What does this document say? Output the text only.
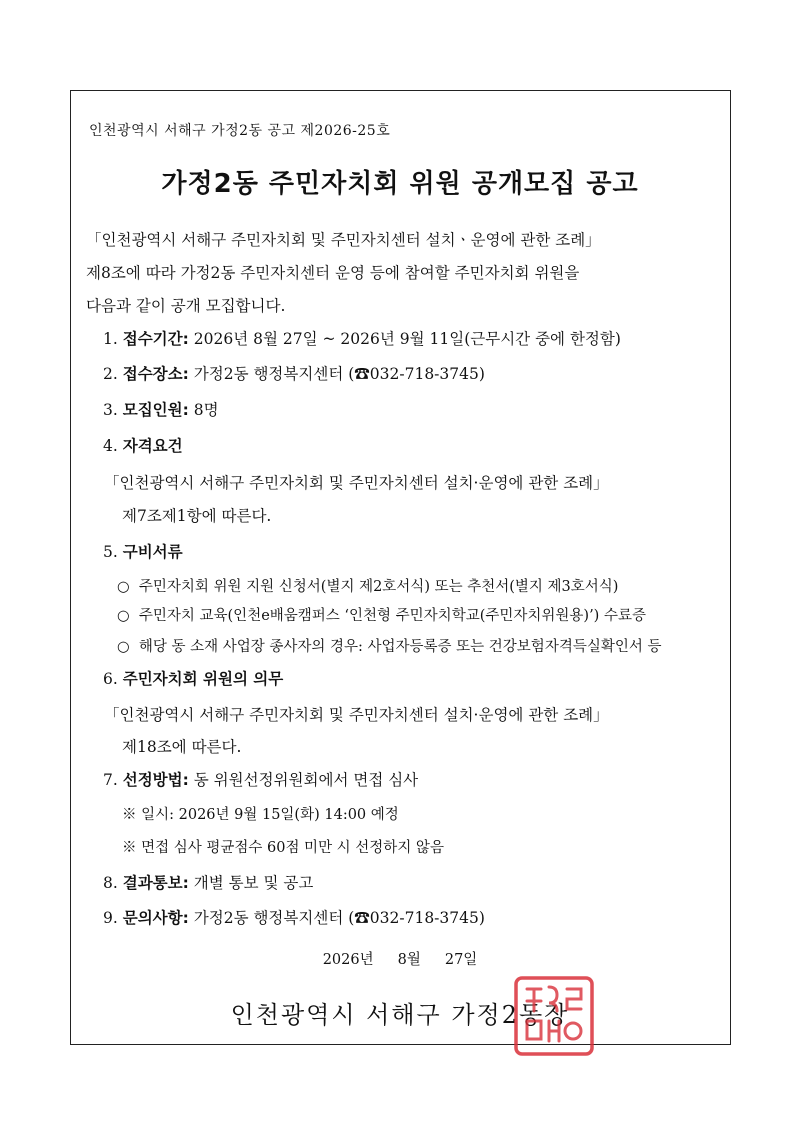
인천광역시 서해구 가정2동 공고 제2026-25호
가정2동 주민자치회 위원 공개모집 공고
「인천광역시 서해구 주민자치회 및 주민자치센터 설치ㆍ운영에 관한 조례」
제8조에 따라 가정2동 주민자치센터 운영 등에 참여할 주민자치회 위원을
다음과 같이 공개 모집합니다.
1. 접수기간: 2026년 8월 27일 ~ 2026년 9월 11일(근무시간 중에 한정함)
2. 접수장소: 가정2동 행정복지센터 (☎032-718-3745)
3. 모집인원: 8명
4. 자격요건
「인천광역시 서해구 주민자치회 및 주민자치센터 설치·운영에 관한 조례」
제7조제1항에 따른다.
5. 구비서류
○ 주민자치회 위원 지원 신청서(별지 제2호서식) 또는 추천서(별지 제3호서식)
○ 주민자치 교육(인천e배움캠퍼스 ‘인천형 주민자치학교(주민자치위원용)’) 수료증
○ 해당 동 소재 사업장 종사자의 경우: 사업자등록증 또는 건강보험자격득실확인서 등
6. 주민자치회 위원의 의무
「인천광역시 서해구 주민자치회 및 주민자치센터 설치·운영에 관한 조례」
제18조에 따른다.
7. 선정방법: 동 위원선정위원회에서 면접 심사
※ 일시: 2026년 9월 15일(화) 14:00 예정
※ 면접 심사 평균점수 60점 미만 시 선정하지 않음
8. 결과통보: 개별 통보 및 공고
9. 문의사항: 가정2동 행정복지센터 (☎032-718-3745)
2026년 8월 27일
인천광역시 서해구 가정2동장
